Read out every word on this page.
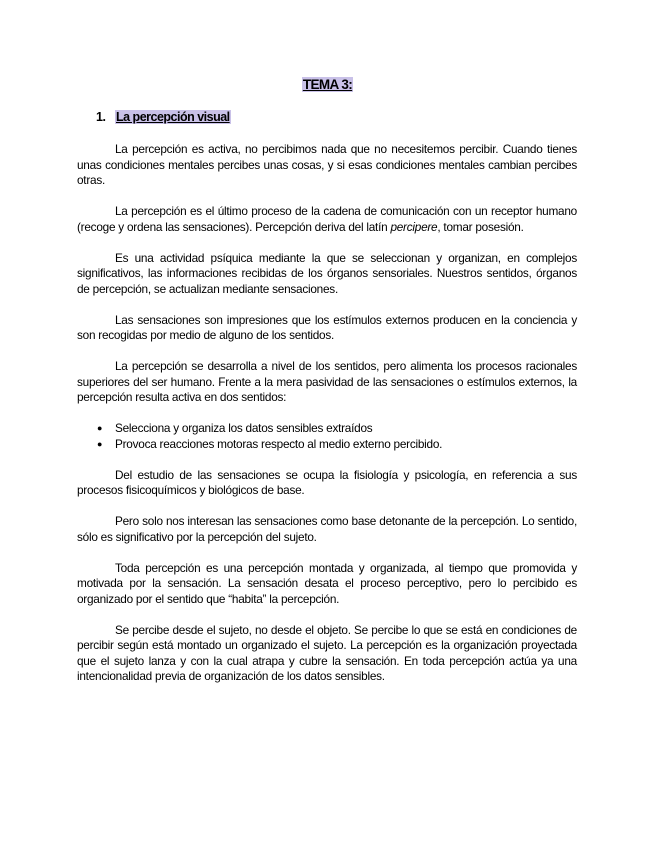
TEMA 3:
1. La percepción visual

La percepción es activa, no percibimos nada que no necesitemos percibir. Cuando tienes unas condiciones mentales percibes unas cosas, y si esas condiciones mentales cambian percibes otras.

La percepción es el último proceso de la cadena de comunicación con un receptor humano (recoge y ordena las sensaciones). Percepción deriva del latín percipere, tomar posesión.

Es una actividad psíquica mediante la que se seleccionan y organizan, en complejos significativos, las informaciones recibidas de los órganos sensoriales. Nuestros sentidos, órganos de percepción, se actualizan mediante sensaciones.

Las sensaciones son impresiones que los estímulos externos producen en la conciencia y son recogidas por medio de alguno de los sentidos.

La percepción se desarrolla a nivel de los sentidos, pero alimenta los procesos racionales superiores del ser humano. Frente a la mera pasividad de las sensaciones o estímulos externos, la percepción resulta activa en dos sentidos:

● Selecciona y organiza los datos sensibles extraídos
● Provoca reacciones motoras respecto al medio externo percibido.

Del estudio de las sensaciones se ocupa la fisiología y psicología, en referencia a sus procesos fisicoquímicos y biológicos de base.

Pero solo nos interesan las sensaciones como base detonante de la percepción. Lo sentido, sólo es significativo por la percepción del sujeto.

Toda percepción es una percepción montada y organizada, al tiempo que promovida y motivada por la sensación. La sensación desata el proceso perceptivo, pero lo percibido es organizado por el sentido que “habita” la percepción.

Se percibe desde el sujeto, no desde el objeto. Se percibe lo que se está en condiciones de percibir según está montado un organizado el sujeto. La percepción es la organización proyectada que el sujeto lanza y con la cual atrapa y cubre la sensación. En toda percepción actúa ya una intencionalidad previa de organización de los datos sensibles.
